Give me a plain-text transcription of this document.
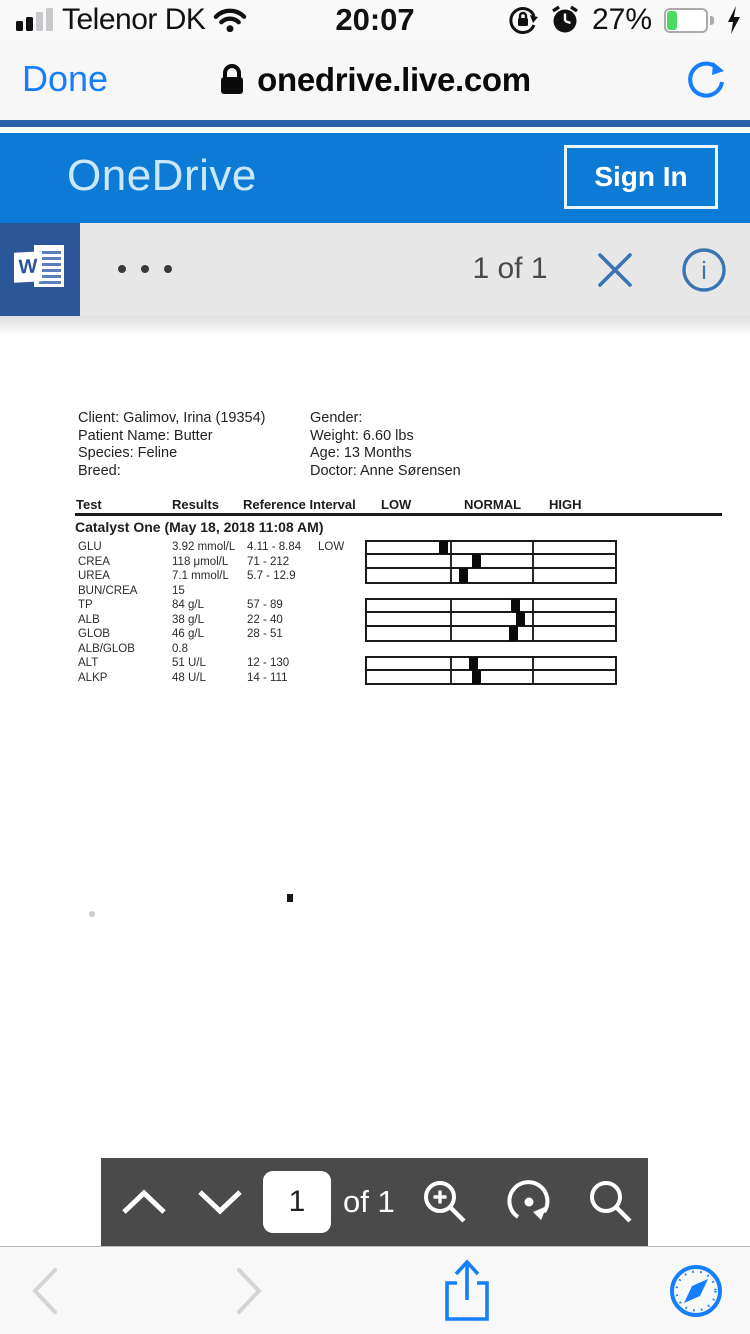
Telenor DK	20:07	27%
Done	onedrive.live.com
OneDrive	Sign In
1 of 1	i
W
Client: Galimov, Irina (19354)
Patient Name: Butter
Species: Feline
Breed:
Gender:
Weight: 6.60 lbs
Age: 13 Months
Doctor: Anne Sørensen
Test	Results Reference Interval LOW	NORMAL HIGH
Catalyst One (May 18, 2018 11:08 AM)
GLU	3.92 mmol/L 4.11 - 8.84 LOW
CREA	118 μmol/L 71 - 212
UREA	7.1 mmol/L 5.7 - 12.9
BUN/CREA	15
TP	84 g/L	57 - 89
ALB	38 g/L	22 - 40
GLOB	46 g/L	28 - 51
ALB/GLOB	0.8
ALT	51 U/L	12 - 130
ALKP	48 U/L	14 - 111
1
of 1
